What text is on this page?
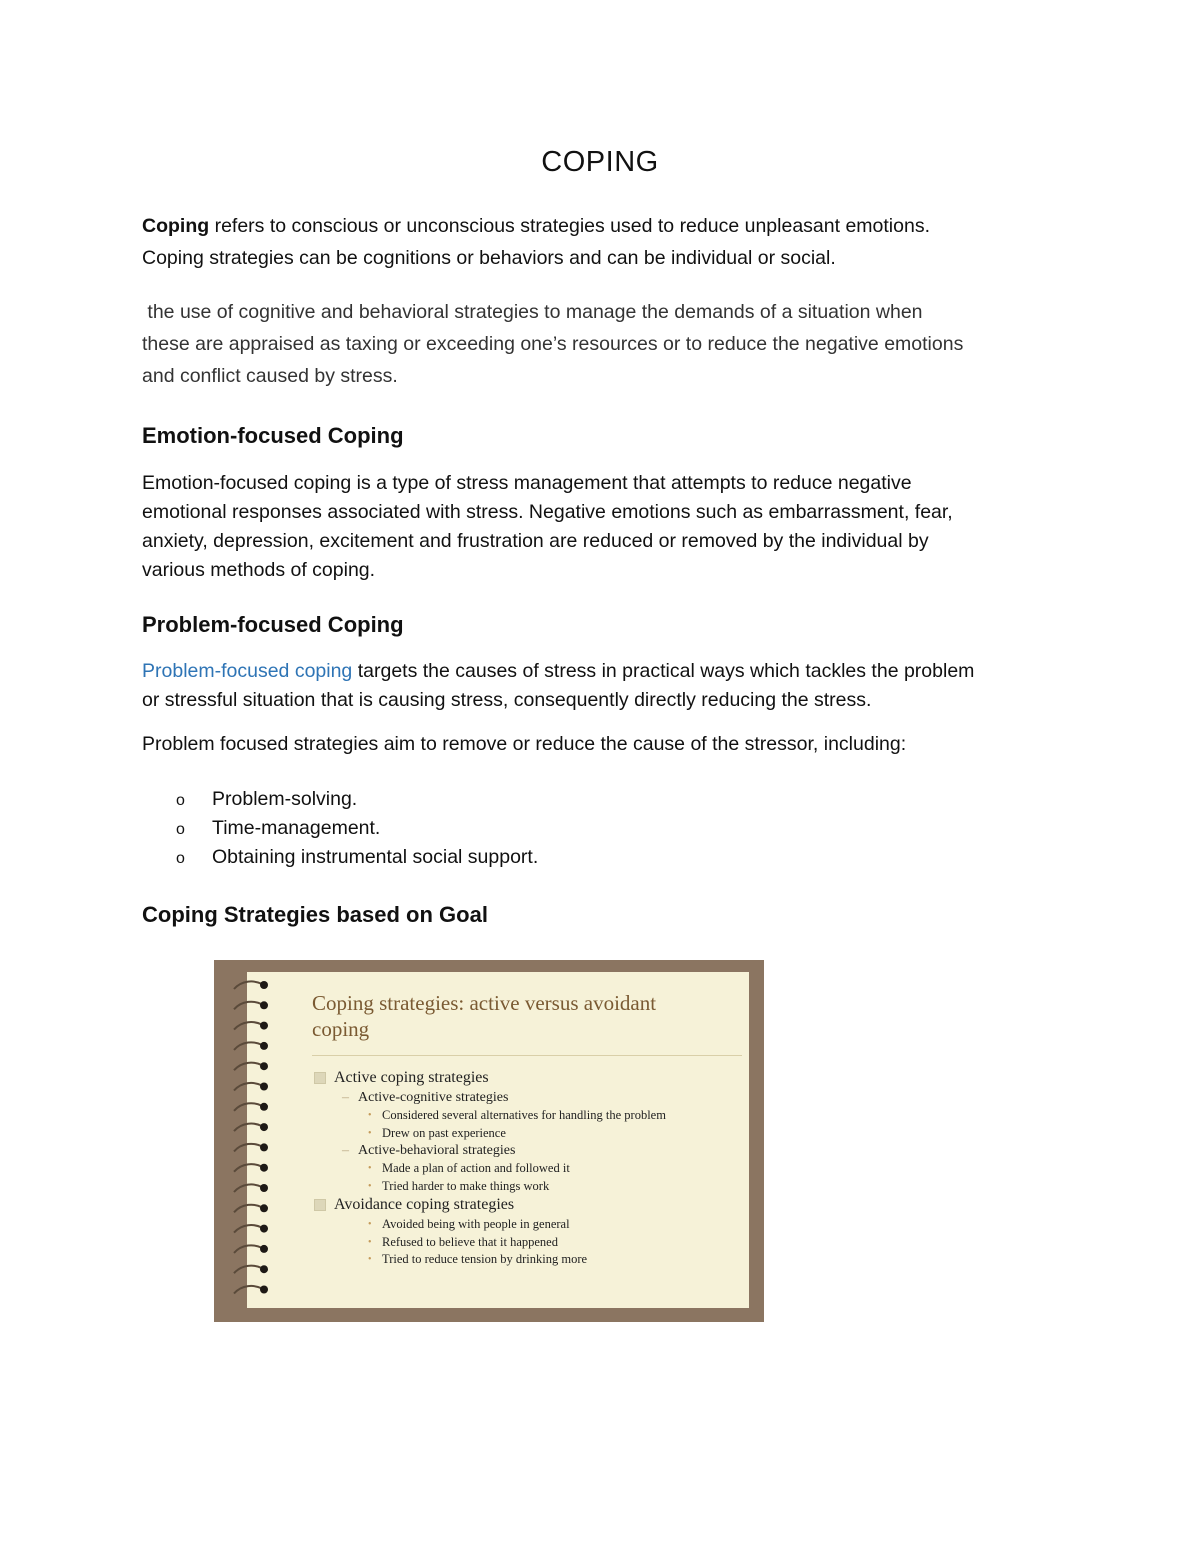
COPING
Coping refers to conscious or unconscious strategies used to reduce unpleasant emotions.
Coping strategies can be cognitions or behaviors and can be individual or social.
the use of cognitive and behavioral strategies to manage the demands of a situation when
these are appraised as taxing or exceeding one’s resources or to reduce the negative emotions
and conflict caused by stress.
Emotion-focused Coping
Emotion-focused coping is a type of stress management that attempts to reduce negative
emotional responses associated with stress. Negative emotions such as embarrassment, fear,
anxiety, depression, excitement and frustration are reduced or removed by the individual by
various methods of coping.
Problem-focused Coping
Problem-focused coping targets the causes of stress in practical ways which tackles the problem
or stressful situation that is causing stress, consequently directly reducing the stress.
Problem focused strategies aim to remove or reduce the cause of the stressor, including:
o Problem-solving.
o Time-management.
o Obtaining instrumental social support.
Coping Strategies based on Goal
Coping strategies: active versus avoidant
coping
Active coping strategies
– Active-cognitive strategies
• Considered several alternatives for handling the problem
• Drew on past experience
– Active-behavioral strategies
• Made a plan of action and followed it
• Tried harder to make things work
Avoidance coping strategies
• Avoided being with people in general
• Refused to believe that it happened
• Tried to reduce tension by drinking more
